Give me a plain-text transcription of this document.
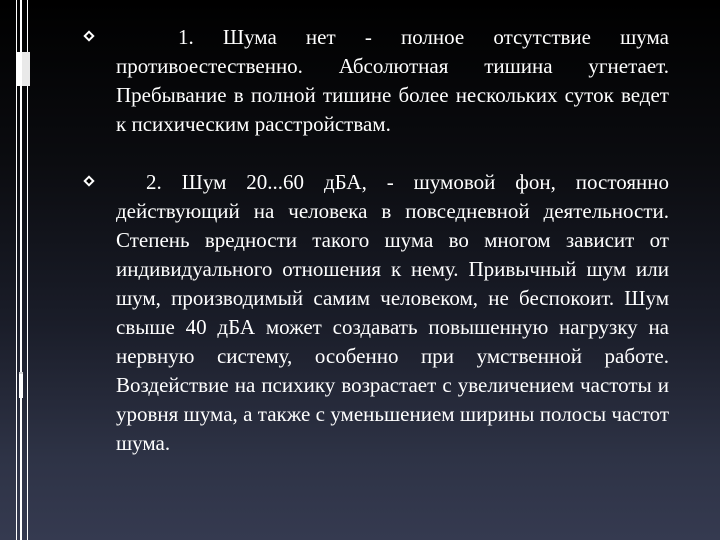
1. Шума нет - полное отсутствие шума противоестественно. Абсолютная тишина угнетает. Пребывание в полной тишине более нескольких суток ведет к психическим расстройствам.

2. Шум 20...60 дБА, - шумовой фон, постоянно действующий на человека в повседневной деятельности. Степень вредности такого шума во многом зависит от индивидуального отношения к нему. Привычный шум или шум, производимый самим человеком, не беспокоит. Шум свыше 40 дБА может создавать повышенную нагрузку на нервную систему, особенно при умственной работе. Воздействие на психику возрастает с увеличением частоты и уровня шума, а также с уменьшением ширины полосы частот шума.
